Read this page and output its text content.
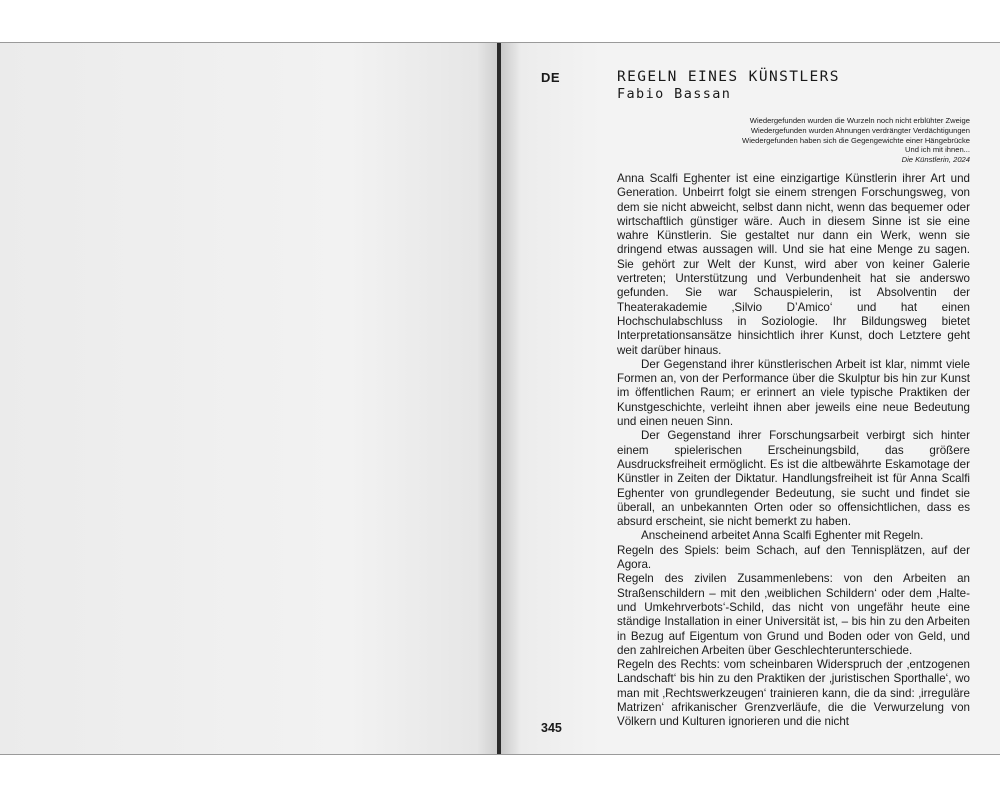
DE	REGELN EINES KÜNSTLERS
Fabio Bassan
Wiedergefunden wurden die Wurzeln noch nicht erblühter Zweige
Wiedergefunden wurden Ahnungen verdrängter Verdächtigungen
Wiedergefunden haben sich die Gegengewichte einer Hängebrücke
Und ich mit ihnen...
Die Künstlerin, 2024

Anna Scalfi Eghenter ist eine einzigartige Künstlerin ihrer Art und Generation. Unbeirrt folgt sie einem strengen Forschungsweg, von dem sie nicht abweicht, selbst dann nicht, wenn das bequemer oder wirtschaftlich günstiger wäre. Auch in diesem Sinne ist sie eine wahre Künstlerin. Sie gestaltet nur dann ein Werk, wenn sie dringend etwas aussagen will. Und sie hat eine Menge zu sagen. Sie gehört zur Welt der Kunst, wird aber von keiner Galerie vertreten; Unterstützung und Verbundenheit hat sie anderswo gefunden. Sie war Schauspielerin, ist Absolventin der Theaterakademie ‚Silvio D’Amico‘ und hat einen Hochschulabschluss in Soziologie. Ihr Bildungsweg bietet Interpretationsansätze hinsichtlich ihrer Kunst, doch Letztere geht weit darüber hinaus.

Der Gegenstand ihrer künstlerischen Arbeit ist klar, nimmt viele Formen an, von der Performance über die Skulptur bis hin zur Kunst im öffentlichen Raum; er erinnert an viele typische Praktiken der Kunstgeschichte, verleiht ihnen aber jeweils eine neue Bedeutung und einen neuen Sinn.

Der Gegenstand ihrer Forschungsarbeit verbirgt sich hinter einem spielerischen Erscheinungsbild, das größere Ausdrucksfreiheit ermöglicht. Es ist die altbewährte Eskamotage der Künstler in Zeiten der Diktatur. Handlungsfreiheit ist für Anna Scalfi Eghenter von grundlegender Bedeutung, sie sucht und findet sie überall, an unbekannten Orten oder so offensichtlichen, dass es absurd erscheint, sie nicht bemerkt zu haben.

Anscheinend arbeitet Anna Scalfi Eghenter mit Regeln.

Regeln des Spiels: beim Schach, auf den Tennisplätzen, auf der Agora.

Regeln des zivilen Zusammenlebens: von den Arbeiten an Straßenschildern – mit den ‚weiblichen Schildern‘ oder dem ‚Halte- und Umkehrverbots‘-Schild, das nicht von ungefähr heute eine ständige Installation in einer Universität ist, – bis hin zu den Arbeiten in Bezug auf Eigentum von Grund und Boden oder von Geld, und den zahlreichen Arbeiten über Geschlechterunterschiede.

Regeln des Rechts: vom scheinbaren Widerspruch der ‚entzogenen Landschaft‘ bis hin zu den Praktiken der ‚juristischen Sporthalle‘, wo man mit ‚Rechtswerkzeugen‘ trainieren kann, die da sind: ‚irreguläre Matrizen‘ afrikanischer Grenzverläufe, die die Verwurzelung von Völkern und Kulturen ignorieren und die nicht

345
